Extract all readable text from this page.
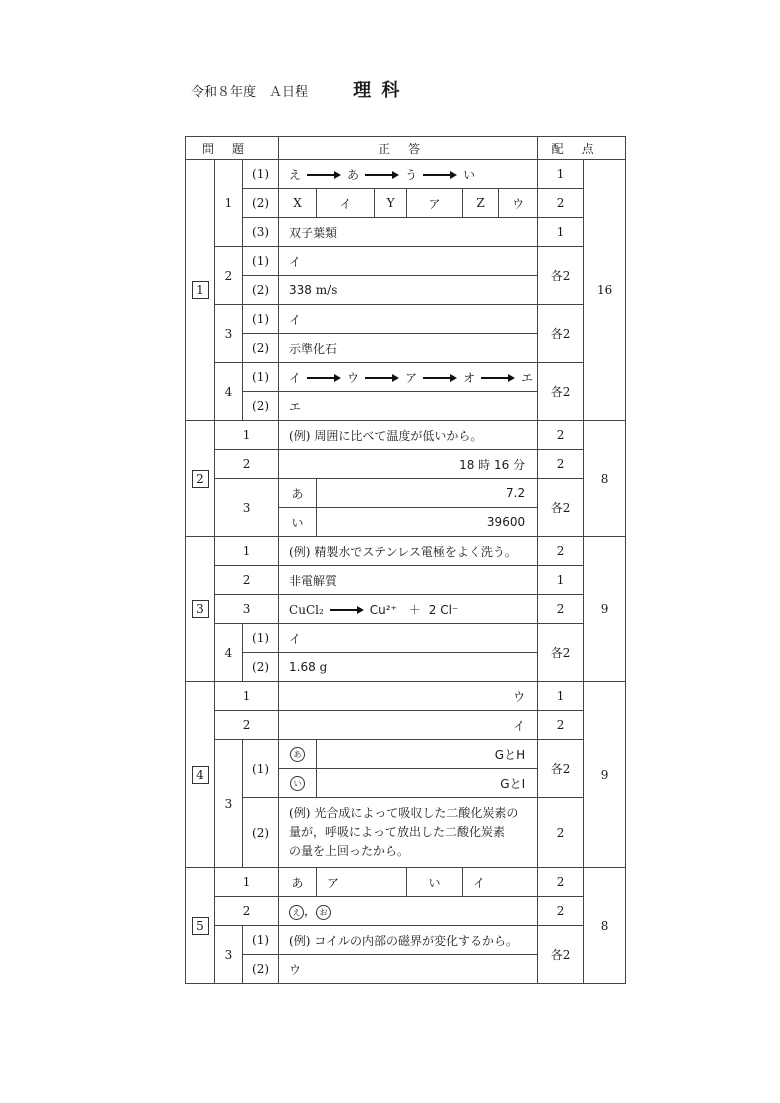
令和８年度　Ａ日程	理 科
問題			正答						配点	
1	1	(1)	え あ う い						1	16
		(2)	X	イ	Y	ア	Z	ウ	2	
		(3)	双子葉類						1	
	2	(1)	イ						各2	
		(2)	338 m/s							
	3	(1)	イ						各2	
		(2)	示準化石							
	4	(1)	イ ウ ア オ エ						各2	
		(2)	エ							
2	1		(例) 周囲に比べて温度が低いから。						2	8
	2		18 時 16 分						2	
	3		あ	7.2					各2	
			い	39600						
3	1		(例) 精製水でステンレス電極をよく洗う。						2	9
	2		非電解質						1	
	3		CuCl₂ Cu²⁺ ＋ 2 Cl⁻						2	
	4	(1)	イ						各2	
		(2)	1.68 g							
4	1		ウ						1	9
	2		イ						2	
	3	(1)	あ	GとH					各2	
			い	GとI						
		(2)	(例) 光合成によって吸収した二酸化炭素の
量が，呼吸によって放出した二酸化炭素
の量を上回ったから。						2	
5	1		あ	ア		い	イ		2	8
	2		え ， お						2	
	3	(1)	(例) コイルの内部の磁界が変化するから。						各2	
		(2)	ウ							
